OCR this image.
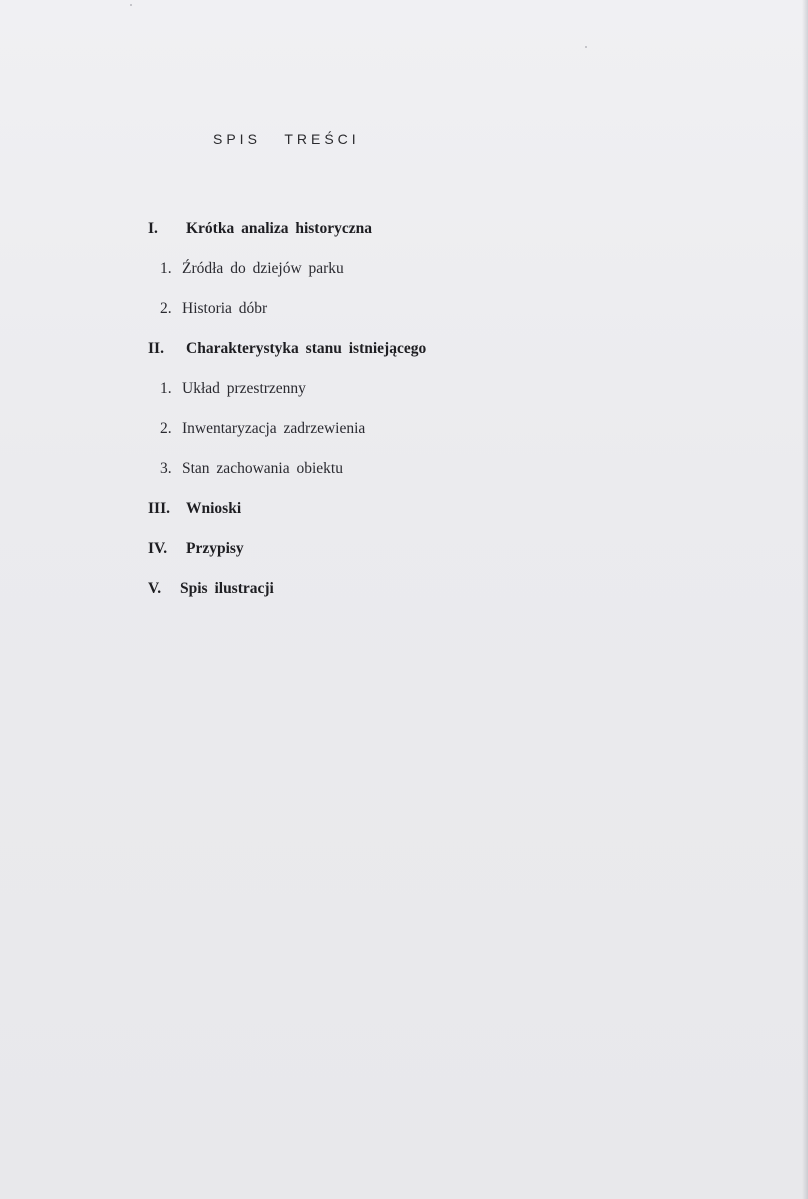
SPIS   TREŚCI
I. Krótka analiza historyczna
1. Źródła do dziejów parku
2. Historia dóbr
II. Charakterystyka stanu istniejącego
1. Układ przestrzenny
2. Inwentaryzacja zadrzewienia
3. Stan zachowania obiektu
III. Wnioski
IV. Przypisy
V. Spis ilustracji
